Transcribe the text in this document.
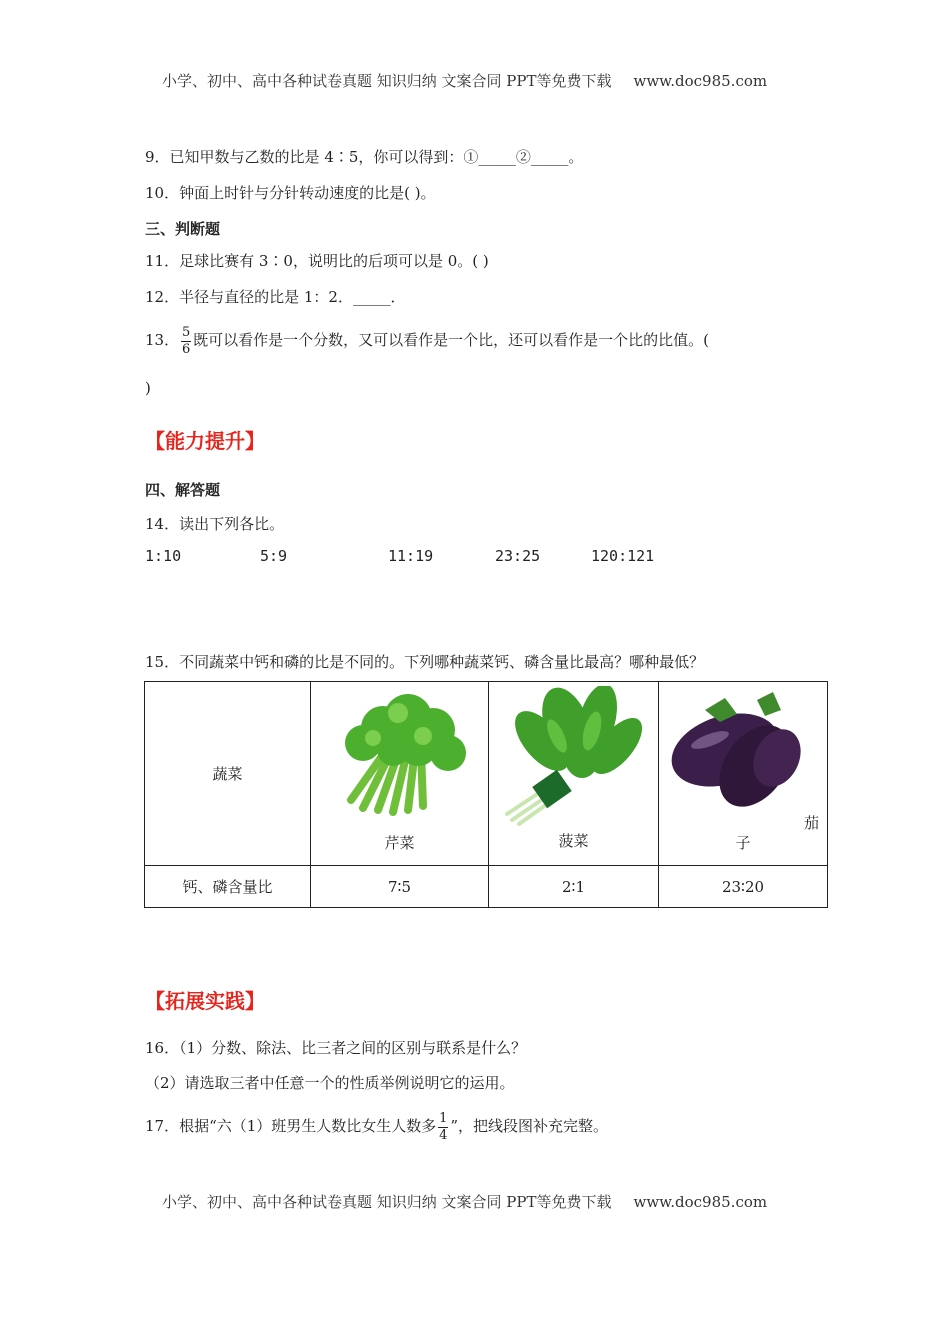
小学、初中、高中各种试卷真题 知识归纳 文案合同 PPT等免费下载 www.doc985.com
9．已知甲数与乙数的比是 4∶5，你可以得到：①_____②_____。
10．钟面上时针与分针转动速度的比是( )。
三、判断题
11．足球比赛有 3∶0，说明比的后项可以是 0。( )
12．半径与直径的比是 1：2．_____．
13． $\frac{5}{6}$ 既可以看作是一个分数，又可以看作是一个比，还可以看作是一个比的比值。(
)
【能力提升】
四、解答题
14．读出下列各比。
1:10	5:9	11:19	23:25	120:121
15．不同蔬菜中钙和磷的比是不同的。下列哪种蔬菜钙、磷含量比最高？哪种最低？
蔬菜	芹菜	菠菜	茄
子

钙、磷含量比	7∶5	2∶1	23∶20
【拓展实践】
16．（1）分数、除法、比三者之间的区别与联系是什么？
（2）请选取三者中任意一个的性质举例说明它的运用。
17．根据“六（1）班男生人数比女生人数多 $\frac{1}{4}$ ”，把线段图补充完整。
小学、初中、高中各种试卷真题 知识归纳 文案合同 PPT等免费下载 www.doc985.com
